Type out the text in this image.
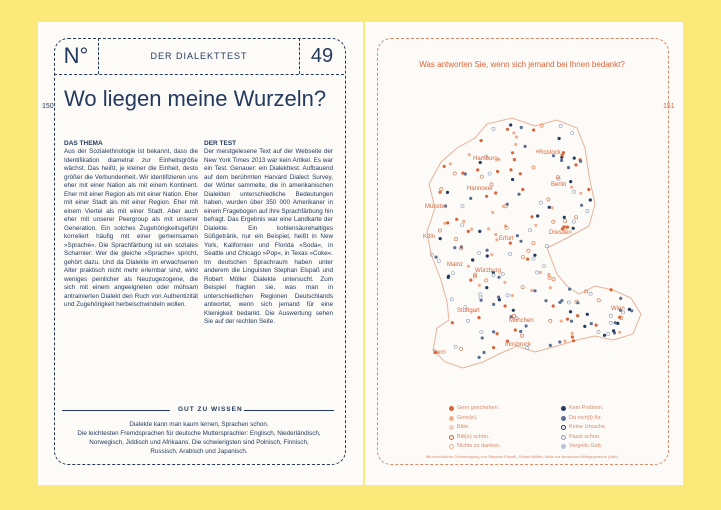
N°	DER DIALEKTTEST	49
150 Wo liegen meine Wurzeln?
DAS THEMA
Aus der Sozialethnologie ist bekannt, dass die Identifikation diametral zur Einheitsgröße wächst. Das heißt, je kleiner die Einheit, desto größer die Verbundenheit. Wir identifizieren uns eher mit einer Nation als mit einem Kontinent. Eher mit einer Region als mit einer Nation. Eher mit einer Stadt als mit einer Region. Eher mit einem Viertel als mit einer Stadt. Aber auch eher mit unserer Peergroup als mit unserer Generation. Ein solches Zugehörigkeitsgefühl korreliert häufig mit einer gemeinsamen »Sprache«. Die Sprachfärbung ist ein soziales Scharnier: Wer die gleiche »Sprache« spricht, gehört dazu. Und da Dialekte im erwachsenen Alter praktisch nicht mehr erlernbar sind, wirkt weniges peinlicher als Neuzugezogene, die sich mit einem angeeigneten oder mühsam antrainierten Dialekt den Ruch von Authentizität und Zugehörigkeit herbeischwindeln wollen.
DER TEST
Der meistgelesene Text auf der Webseite der New York Times 2013 war kein Artikel. Es war ein Test. Genauer: ein Dialekttest. Aufbauend auf dem berühmten Harvard Dialect Survey, der Wörter sammelte, die in amerikanischen Dialekten unterschiedliche Bedeutungen haben, wurden über 350 000 Amerikaner in einem Fragebogen auf ihre Sprachfärbung hin befragt. Das Ergebnis war eine Landkarte der Dialekte. Ein kohlensäurehaltiges Süßgetränk, nur ein Beispiel, heißt in New York, Kalifornien und Florida »Soda«, in Seattle und Chicago »Pop«, in Texas »Coke«. Im deutschen Sprachraum haben unter anderem die Linguisten Stephan Elspaß und Robert Möller Dialekte untersucht. Zum Beispiel fragten sie, was man in unterschiedlichen Regionen Deutschlands antwortet, wenn sich jemand für eine Kleinigkeit bedankt. Die Auswertung sehen Sie auf der rechten Seite.
GUT ZU WISSEN
Dialekte kann man kaum lernen, Sprachen schon.
Die leichtesten Fremdsprachen für deutsche Muttersprachler: Englisch, Niederländisch,
Norwegisch, Jiddisch und Afrikaans. Die schwierigsten sind Polnisch, Finnisch,
Russisch, Arabisch und Japanisch.
Was antworten Sie, wenn sich jemand bei Ihnen bedankt?
151
Hamburg
Rostock
Hannover
Berlin
Münster
Köln	Erfurt
Dresden
Mainz
Würzburg
Stuttgart
München
Innsbruck
Wien
Bern
Gern geschehen.
Gern(e).
Bitte.
Bitt(e) schön.
Nichts zu danken.
Kein Problem.
Da nich(t) für.
Keine Ursache.
Passt schon.
Vergelts Gott.
Mit freundlicher Genehmigung von Stephan Elspaß, Robert Möller, Atlas zur deutschen Alltagssprache (AdA)
